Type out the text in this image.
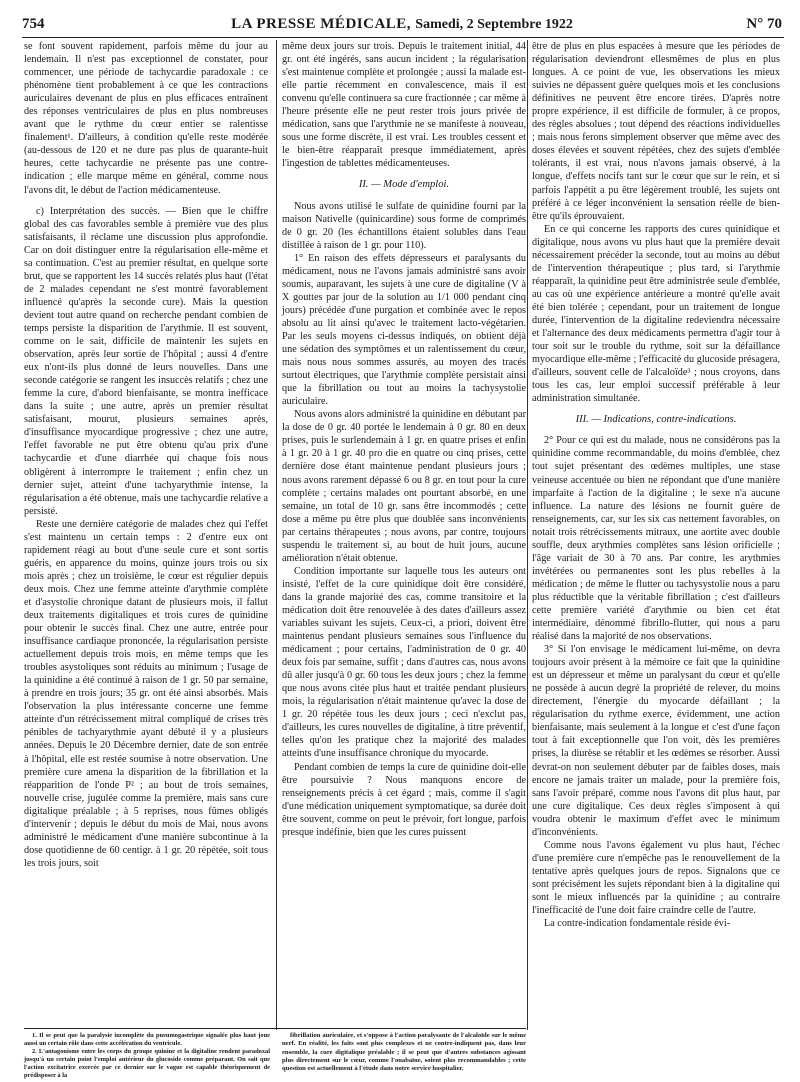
754	LA PRESSE MÉDICALE, Samedi, 2 Septembre 1922	N° 70

se font souvent rapidement, parfois même du jour au lendemain. Il n'est pas exceptionnel de constater, pour commencer, une période de tachycardie paradoxale : ce phénomène tient probablement à ce que les contractions auriculaires devenant de plus en plus efficaces entraînent des réponses ventriculaires de plus en plus nombreuses avant que le rythme du cœur entier se ralentisse finalement¹. D'ailleurs, à condition qu'elle reste modérée (au-dessous de 120 et ne dure pas plus de quarante-huit heures, cette tachycardie ne présente pas une contre-indication ; elle marque même en général, comme nous l'avons dit, le début de l'action médicamenteuse.

c) Interprétation des succès. — Bien que le chiffre global des cas favorables semble à première vue des plus satisfaisants, il réclame une discussion plus approfondie. Car on doit distinguer entre la régularisation elle-même et sa continuation. C'est au premier résultat, en quelque sorte brut, que se rapportent les 14 succès relatés plus haut (l'état de 2 malades cependant ne s'est montré favorablement influencé qu'après la seconde cure). Mais la question devient tout autre quand on recherche pendant combien de temps persiste la disparition de l'arythmie. Il est souvent, comme on le sait, difficile de maintenir les sujets en observation, après leur sortie de l'hôpital ; aussi 4 d'entre eux n'ont-ils plus donné de leurs nouvelles. Dans une seconde catégorie se rangent les insuccès relatifs ; chez une femme la cure, d'abord bienfaisante, se montra inefficace dans la suite ; une autre, après un premier résultat satisfaisant, mourut, plusieurs semaines après, d'insuffisance myocardique progressive ; chez une autre, l'effet favorable ne put être obtenu qu'au prix d'une tachycardie et d'une diarrhée qui chaque fois nous obligèrent à interrompre le traitement ; enfin chez un dernier sujet, atteint d'une tachyarythmie intense, la régularisation a été obtenue, mais une tachycardie relative a persisté.

Reste une dernière catégorie de malades chez qui l'effet s'est maintenu un certain temps : 2 d'entre eux ont rapidement réagi au bout d'une seule cure et sont sortis guéris, en apparence du moins, quinze jours trois ou six mois après ; chez un troisième, le cœur est régulier depuis deux mois. Chez une femme atteinte d'arythmie complète et d'asystolie chronique datant de plusieurs mois, il fallut deux traitements digitaliques et trois cures de quinidine pour obtenir le succès final. Chez une autre, entrée pour insuffisance cardiaque prononcée, la régularisation persiste actuellement depuis trois mois, en même temps que les troubles asystoliques sont réduits au minimum ; l'usage de la quinidine a été continué à raison de 1 gr. 50 par semaine, à prendre en trois jours; 35 gr. ont été ainsi absorbés. Mais l'observation la plus intéressante concerne une femme atteinte d'un rétrécissement mitral compliqué de crises très pénibles de tachyarythmie ayant débuté il y a plusieurs années. Depuis le 20 Décembre dernier, date de son entrée à l'hôpital, elle est restée soumise à notre observation. Une première cure amena la disparition de la fibrillation et la réapparition de l'onde P² ; au bout de trois semaines, nouvelle crise, jugulée comme la première, mais sans cure digitalique préalable ; à 5 reprises, nous fûmes obligés d'intervenir ; depuis le début du mois de Mai, nous avons administré le médicament d'une manière subcontinue à la dose quotidienne de 60 centigr. à 1 gr. 20 répétée, soit tous les trois jours, soit

même deux jours sur trois. Depuis le traitement initial, 44 gr. ont été ingérés, sans aucun incident ; la régularisation s'est maintenue complète et prolongée ; aussi la malade est-elle partie récemment en convalescence, mais il est convenu qu'elle continuera sa cure fractionnée ; car même à l'heure présente elle ne peut rester trois jours privée de médication, sans que l'arythmie ne se manifeste à nouveau, sous une forme discrète, il est vrai. Les troubles cessent et le bien-être réapparaît presque immédiatement, après l'ingestion de tablettes médicamenteuses.

II. — Mode d'emploi.

Nous avons utilisé le sulfate de quinidine fourni par la maison Nativelle (quinicardine) sous forme de comprimés de 0 gr. 20 (les échantillons étaient solubles dans l'eau distillée à raison de 1 gr. pour 110).

1° En raison des effets dépresseurs et paralysants du médicament, nous ne l'avons jamais administré sans avoir soumis, auparavant, les sujets à une cure de digitaline (V à X gouttes par jour de la solution au 1/1 000 pendant cinq jours) précédée d'une purgation et combinée avec le repos absolu au lit ainsi qu'avec le traitement lacto-végétarien. Par les seuls moyens ci-dessus indiqués, on obtient déjà une sédation des symptômes et un ralentissement du cœur, mais nous nous sommes assurés, au moyen des tracés surtout électriques, que l'arythmie complète persistait ainsi que la fibrillation ou tout au moins la tachysystolie auriculaire.

Nous avons alors administré la quinidine en débutant par la dose de 0 gr. 40 portée le lendemain à 0 gr. 80 en deux prises, puis le surlendemain à 1 gr. en quatre prises et enfin à 1 gr. 20 à 1 gr. 40 pro die en quatre ou cinq prises, cette dernière dose étant maintenue pendant plusieurs jours ; nous avons rarement dépassé 6 ou 8 gr. en tout pour la cure complète ; certains malades ont pourtant absorbé, en une semaine, un total de 10 gr. sans être incommodés ; cette dose a même pu être plus que doublée sans inconvénients par certains thérapeutes ; nous avons, par contre, toujours suspendu le traitement si, au bout de huit jours, aucune amélioration n'était obtenue.

Condition importante sur laquelle tous les auteurs ont insisté, l'effet de la cure quinidique doit être considéré, dans la grande majorité des cas, comme transitoire et la médication doit être renouvelée à des dates d'ailleurs assez variables suivant les sujets. Ceux-ci, a priori, doivent être maintenus pendant plusieurs semaines sous l'influence du médicament ; pour certains, l'administration de 0 gr. 40 deux fois par semaine, suffit ; dans d'autres cas, nous avons dû aller jusqu'à 0 gr. 60 tous les deux jours ; chez la femme que nous avons citée plus haut et traitée pendant plusieurs mois, la régularisation n'était maintenue qu'avec la dose de 1 gr. 20 répétée tous les deux jours ; ceci n'exclut pas, d'ailleurs, les cures nouvelles de digitaline, à titre préventif, telles qu'on les pratique chez la majorité des malades atteints d'une insuffisance chronique du myocarde.

Pendant combien de temps la cure de quinidine doit-elle être poursuivie ? Nous manquons encore de renseignements précis à cet égard ; mais, comme il s'agit d'une médication uniquement symptomatique, sa durée doit être souvent, comme on peut le prévoir, fort longue, parfois presque indéfinie, bien que les cures puissent

être de plus en plus espacées à mesure que les périodes de régularisation deviendront ellesmêmes de plus en plus longues. A ce point de vue, les observations les mieux suivies ne dépassent guère quelques mois et les conclusions définitives ne peuvent être encore tirées. D'après notre propre expérience, il est difficile de formuler, à ce propos, des règles absolues ; tout dépend des réactions individuelles ; mais nous ferons simplement observer que même avec des doses élevées et souvent répétées, chez des sujets d'emblée tolérants, il est vrai, nous n'avons jamais observé, à la longue, d'effets nocifs tant sur le cœur que sur le rein, et si parfois l'appétit a pu être légèrement troublé, les sujets ont préféré à ce léger inconvénient la sensation réelle de bien-être qu'ils éprouvaient.

En ce qui concerne les rapports des cures quinidique et digitalique, nous avons vu plus haut que la première devait nécessairement précéder la seconde, tout au moins au début de l'intervention thérapeutique ; plus tard, si l'arythmie réapparaît, la quinidine peut être administrée seule d'emblée, au cas où une expérience antérieure a montré qu'elle avait été bien tolérée ; cependant, pour un traitement de longue durée, l'intervention de la digitaline redeviendra nécessaire et l'alternance des deux médicaments permettra d'agir tour à tour soit sur le trouble du rythme, soit sur la défaillance myocardique elle-même ; l'efficacité du glucoside présagera, d'ailleurs, souvent celle de l'alcaloïde³ ; nous croyons, dans tous les cas, leur emploi successif préférable à leur administration simultanée.

III. — Indications, contre-indications.

2° Pour ce qui est du malade, nous ne considérons pas la quinidine comme recommandable, du moins d'emblée, chez tout sujet présentant des œdèmes multiples, une stase veineuse accentuée ou bien ne répondant que d'une manière imparfaite à l'action de la digitaline ; le sexe n'a aucune influence. La nature des lésions ne fournit guère de renseignements, car, sur les six cas nettement favorables, on notait trois rétrécissements mitraux, une aortite avec double souffle, deux arythmies complètes sans lésion orificielle ; l'âge variait de 30 à 70 ans. Par contre, les arythmies invétérées ou permanentes sont les plus rebelles à la médication ; de même le flutter ou tachysystolie nous a paru plus réductible que la véritable fibrillation ; c'est d'ailleurs cette première variété d'arythmie ou bien cet état intermédiaire, dénommé fibrillo-flutter, qui nous a paru réalisé dans la majorité de nos observations.

3° Si l'on envisage le médicament lui-même, on devra toujours avoir présent à la mémoire ce fait que la quinidine est un dépresseur et même un paralysant du cœur et qu'elle ne possède à aucun degré la propriété de relever, du moins directement, l'énergie du myocarde défaillant ; la régularisation du rythme exerce, évidemment, une action bienfaisante, mais seulement à la longue et c'est d'une façon tout à fait exceptionnelle que l'on voit, dès les premières prises, la diurèse se rétablir et les œdèmes se résorber. Aussi devrat-on non seulement débuter par de faibles doses, mais encore ne jamais traiter un malade, pour la première fois, sans l'avoir préparé, comme nous l'avons dit plus haut, par une cure digitalique. Ces deux règles s'imposent à qui voudra obtenir le maximum d'effet avec le minimum d'inconvénients.

Comme nous l'avons également vu plus haut, l'échec d'une première cure n'empêche pas le renouvellement de la tentative après quelques jours de repos. Signalons que ce sont précisément les sujets répondant bien à la digitaline qui sont le mieux influencés par la quinidine ; au contraire l'inefficacité de l'une doit faire craindre celle de l'autre.

La contre-indication fondamentale réside évi-

1. Il se peut que la paralysie incomplète du pneumogastrique signalée plus haut joue aussi un certain rôle dans cette accélération du ventricule.

2. L'antagonisme entre les corps du groupe quinine et la digitaline rendent paradoxal jusqu'à un certain point l'emploi antérieur du glucoside comme préparant. On sait que l'action excitatrice exercée par ce dernier sur le vague est capable théoriquement de prédisposer à la

fibrillation auriculaire, et s'oppose à l'action paralysante de l'alcaloïde sur le même nerf. En réalité, les faits sont plus complexes et ne contre-indiquent pas, dans leur ensemble, la cure digitalique préalable ; il se peut que d'autres substances agissant plus directement sur le cœur, comme l'ouabaïne, soient plus recommandables ; cette question est actuellement à l'étude dans notre service hospitalier.
